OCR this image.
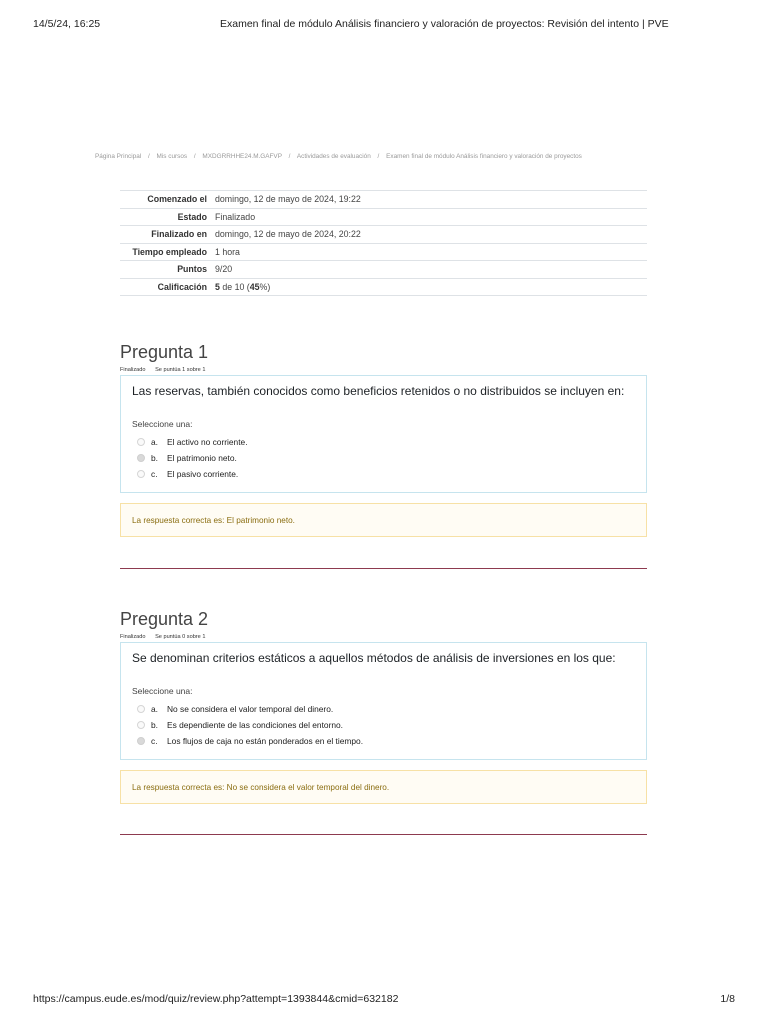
14/5/24, 16:25	Examen final de módulo Análisis financiero y valoración de proyectos: Revisión del intento | PVE
Página Principal / Mis cursos / MXDGRRHHE24.M.GAFVP / Actividades de evaluación / Examen final de módulo Análisis financiero y valoración de proyectos
Comenzado el	domingo, 12 de mayo de 2024, 19:22
Estado	Finalizado
Finalizado en	domingo, 12 de mayo de 2024, 20:22
Tiempo empleado	1 hora
Puntos	9/20
Calificación	5 de 10 (45%)
Pregunta 1
Finalizado Se puntúa 1 sobre 1

Las reservas, también conocidos como beneficios retenidos o no distribuidos se incluyen en:

Seleccione una:
a.	El activo no corriente.
b.	El patrimonio neto.
c.	El pasivo corriente.
La respuesta correcta es: El patrimonio neto.
Pregunta 2
Finalizado Se puntúa 0 sobre 1

Se denominan criterios estáticos a aquellos métodos de análisis de inversiones en los que:

Seleccione una:
a.	No se considera el valor temporal del dinero.
b.	Es dependiente de las condiciones del entorno.
c.	Los flujos de caja no están ponderados en el tiempo.
La respuesta correcta es: No se considera el valor temporal del dinero.
https://campus.eude.es/mod/quiz/review.php?attempt=1393844&cmid=632182	1/8
